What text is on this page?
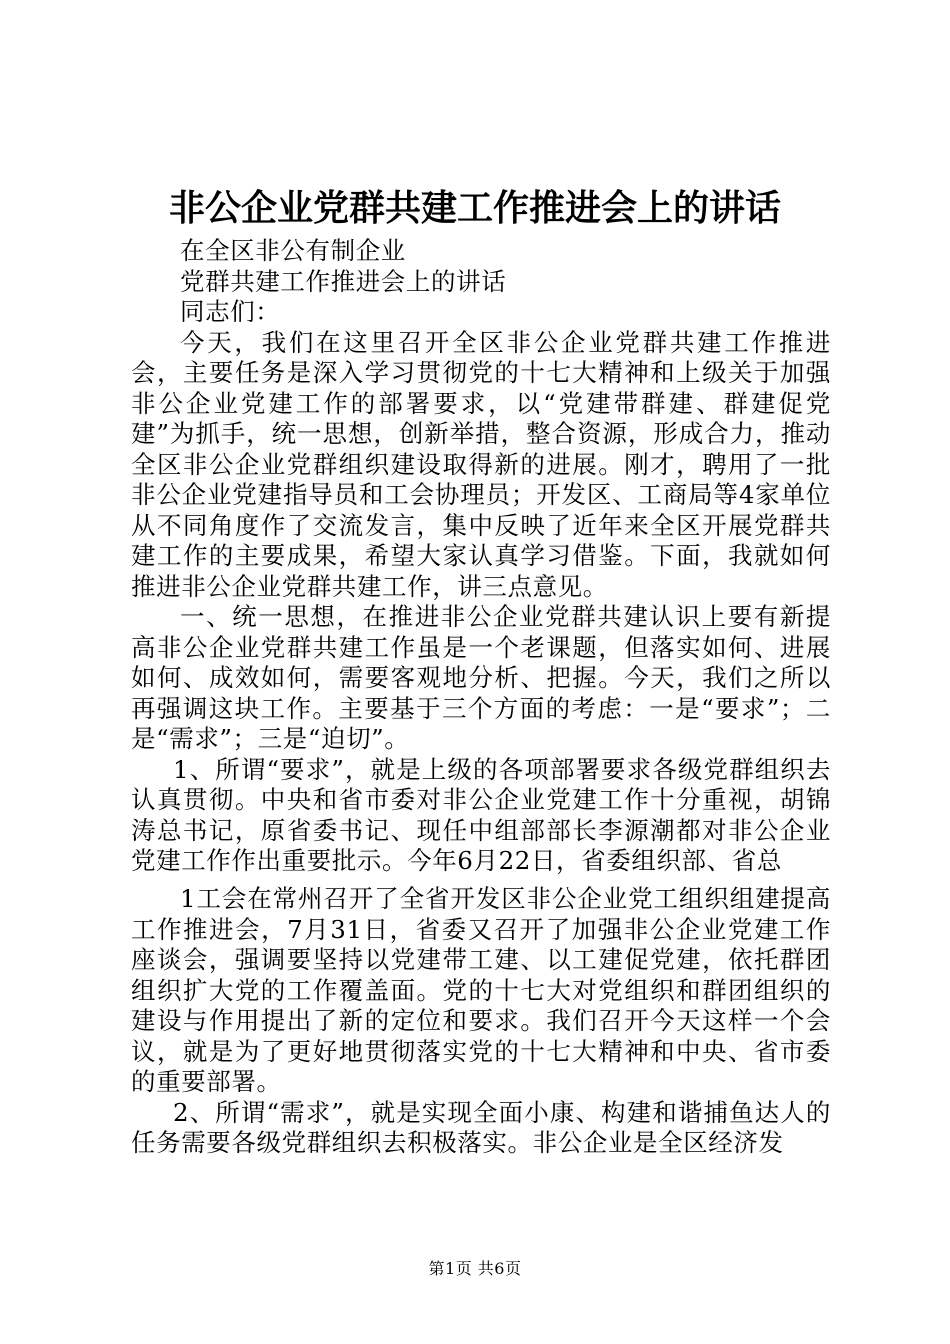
非公企业党群共建工作推进会上的讲话

在全区非公有制企业

党群共建工作推进会上的讲话

同志们：

今天，我们在这里召开全区非公企业党群共建工作推进会，主要任务是深入学习贯彻党的十七大精神和上级关于加强非公企业党建工作的部署要求，以“党建带群建、群建促党建”为抓手，统一思想，创新举措，整合资源，形成合力，推动全区非公企业党群组织建设取得新的进展。刚才，聘用了一批非公企业党建指导员和工会协理员；开发区、工商局等4家单位从不同角度作了交流发言，集中反映了近年来全区开展党群共建工作的主要成果，希望大家认真学习借鉴。下面，我就如何推进非公企业党群共建工作，讲三点意见。

一、统一思想，在推进非公企业党群共建认识上要有新提高非公企业党群共建工作虽是一个老课题，但落实如何、进展如何、成效如何，需要客观地分析、把握。今天，我们之所以再强调这块工作。主要基于三个方面的考虑：一是“要求”；二是“需求”；三是“迫切”。

1、所谓“要求”，就是上级的各项部署要求各级党群组织去认真贯彻。中央和省市委对非公企业党建工作十分重视，胡锦涛总书记，原省委书记、现任中组部部长李源潮都对非公企业党建工作作出重要批示。今年6月22日，省委组织部、省总

1工会在常州召开了全省开发区非公企业党工组织组建提高工作推进会，7月31日，省委又召开了加强非公企业党建工作座谈会，强调要坚持以党建带工建、以工建促党建，依托群团组织扩大党的工作覆盖面。党的十七大对党组织和群团组织的建设与作用提出了新的定位和要求。我们召开今天这样一个会议，就是为了更好地贯彻落实党的十七大精神和中央、省市委的重要部署。

2、所谓“需求”，就是实现全面小康、构建和谐捕鱼达人的任务需要各级党群组织去积极落实。非公企业是全区经济发

第1页 共6页
